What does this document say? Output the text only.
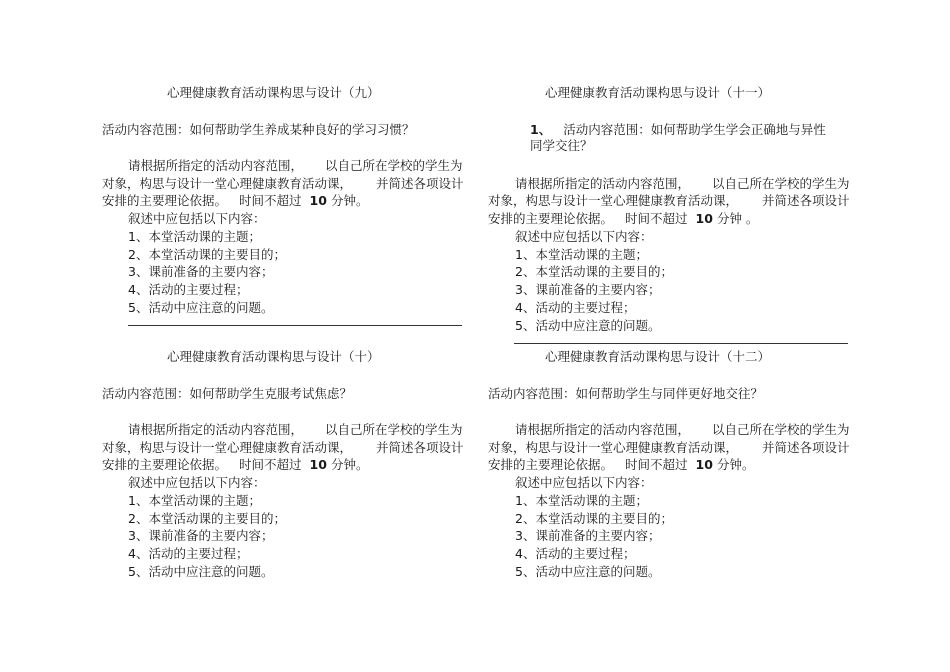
心理健康教育活动课构思与设计（九）
活动内容范围：如何帮助学生养成某种良好的学习习惯？
请根据所指定的活动内容范围， 以自己所在学校的学生为
对象，构思与设计一堂心理健康教育活动课， 并简述各项设计
安排的主要理论依据。 时间不超过 10 分钟。
叙述中应包括以下内容：
1、本堂活动课的主题；
2、本堂活动课的主要目的；
3、课前准备的主要内容；
4、活动的主要过程；
5、活动中应注意的问题。
心理健康教育活动课构思与设计（十）
活动内容范围：如何帮助学生克服考试焦虑？
请根据所指定的活动内容范围， 以自己所在学校的学生为
对象，构思与设计一堂心理健康教育活动课， 并简述各项设计
安排的主要理论依据。 时间不超过 10 分钟。
叙述中应包括以下内容：
1、本堂活动课的主题；
2、本堂活动课的主要目的；
3、课前准备的主要内容；
4、活动的主要过程；
5、活动中应注意的问题。
心理健康教育活动课构思与设计（十一）
1、 活动内容范围：如何帮助学生学会正确地与异性
同学交往？
请根据所指定的活动内容范围， 以自己所在学校的学生为
对象，构思与设计一堂心理健康教育活动课， 并简述各项设计
安排的主要理论依据。 时间不超过 10 分钟 。
叙述中应包括以下内容：
1、本堂活动课的主题；
2、本堂活动课的主要目的；
3、课前准备的主要内容；
4、活动的主要过程；
5、活动中应注意的问题。
心理健康教育活动课构思与设计（十二）
活动内容范围：如何帮助学生与同伴更好地交往？
请根据所指定的活动内容范围， 以自己所在学校的学生为
对象，构思与设计一堂心理健康教育活动课， 并简述各项设计
安排的主要理论依据。 时间不超过 10 分钟。
叙述中应包括以下内容：
1、本堂活动课的主题；
2、本堂活动课的主要目的；
3、课前准备的主要内容；
4、活动的主要过程；
5、活动中应注意的问题。
